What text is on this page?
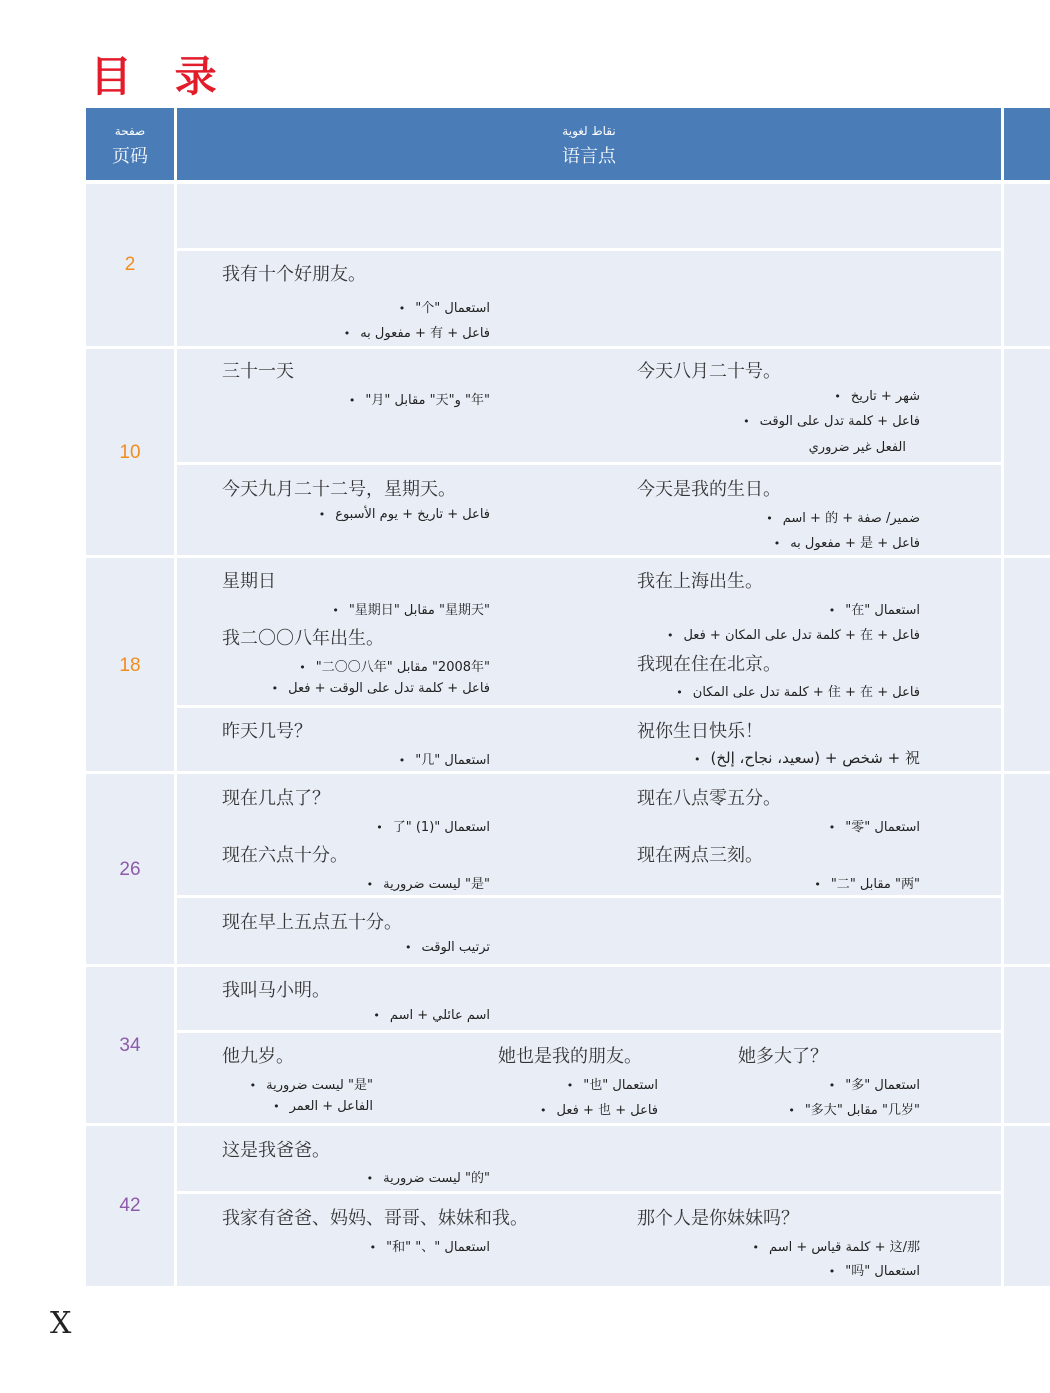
目 录
صفحة
页码
نقاط لغوية
语言点
2	我有十个好朋友。
استعمال "个" •
فاعل + 有 + مفعول به •
10
三十一天
"年" و"天" مقابل "月" •
今天八月二十号。
شهر + تاريخ •
فاعل + كلمة تدل على الوقت •
الفعل غير ضروري
今天九月二十二号，星期天。
فاعل + تاريخ + يوم الأسبوع •
今天是我的生日。
ضمير/ صفة + 的 + اسم •
فاعل + 是 + مفعول به •
18
星期日
"星期天" مقابل "星期日" •
我二〇〇八年出生。
"2008年" مقابل "二〇〇八年" •
فاعل + كلمة تدل على الوقت + فعل •
我在上海出生。
استعمال "在" •
فاعل + 在 + كلمة تدل على المكان + فعل •
我现在住在北京。
فاعل + 住 + 在 + كلمة تدل على المكان •
昨天几号？
استعمال "几" •
祝你生日快乐！
祝 + شخص + (سعيد، نجاح، إلخ) •
26
现在几点了？
استعمال "了" (1) •
现在六点十分。
"是" ليست ضرورية •
现在八点零五分。
استعمال "零" •
现在两点三刻。
"两" مقابل "二" •
现在早上五点五十分。
ترتيب الوقت •
34
我叫马小明。
اسم عائلي + اسم •
他九岁。
"是" ليست ضرورية •
الفاعل + العمر •
她也是我的朋友。
استعمال "也" •
فاعل + 也 + فعل •
她多大了？
استعمال "多" •
"几岁" مقابل "多大" •
42
这是我爸爸。
"的" ليست ضرورية •
我家有爸爸、妈妈、哥哥、妹妹和我。
استعمال "、" "和" •
那个人是你妹妹吗？
这/那 + كلمة قياس + اسم •
استعمال "吗" •
X
